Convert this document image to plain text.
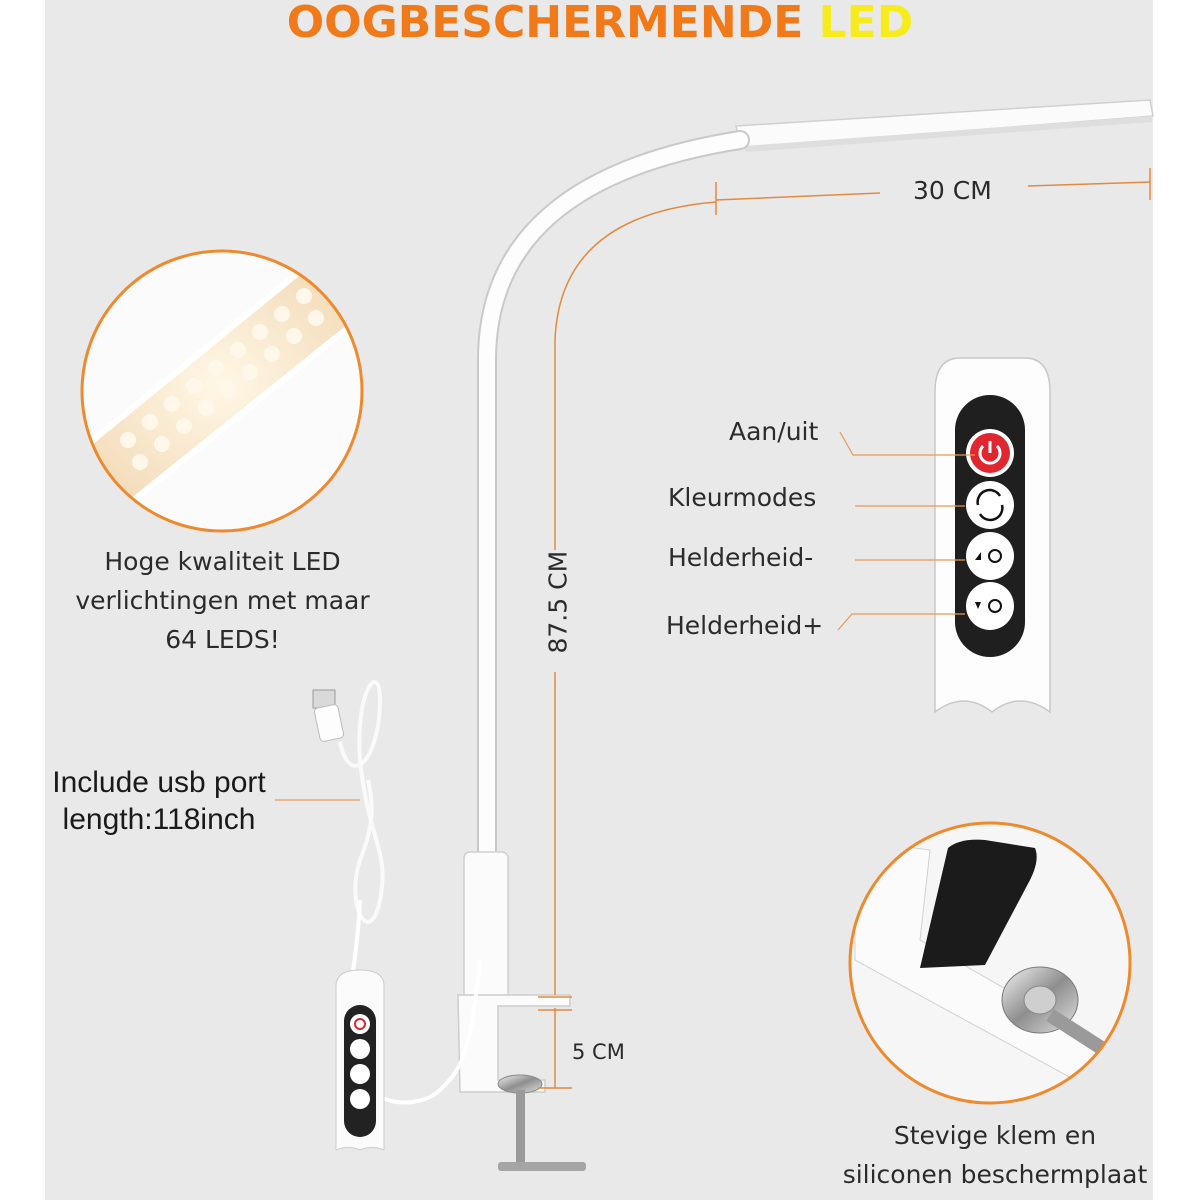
OOGBESCHERMENDE LED
30 CM
87.5 CM
5 CM
Aan/uit
Kleurmodes
Helderheid-
Helderheid+
Hoge kwaliteit LED
verlichtingen met maar
64 LEDS!
Include usb port
length:118inch
Stevige klem en
siliconen beschermplaat
